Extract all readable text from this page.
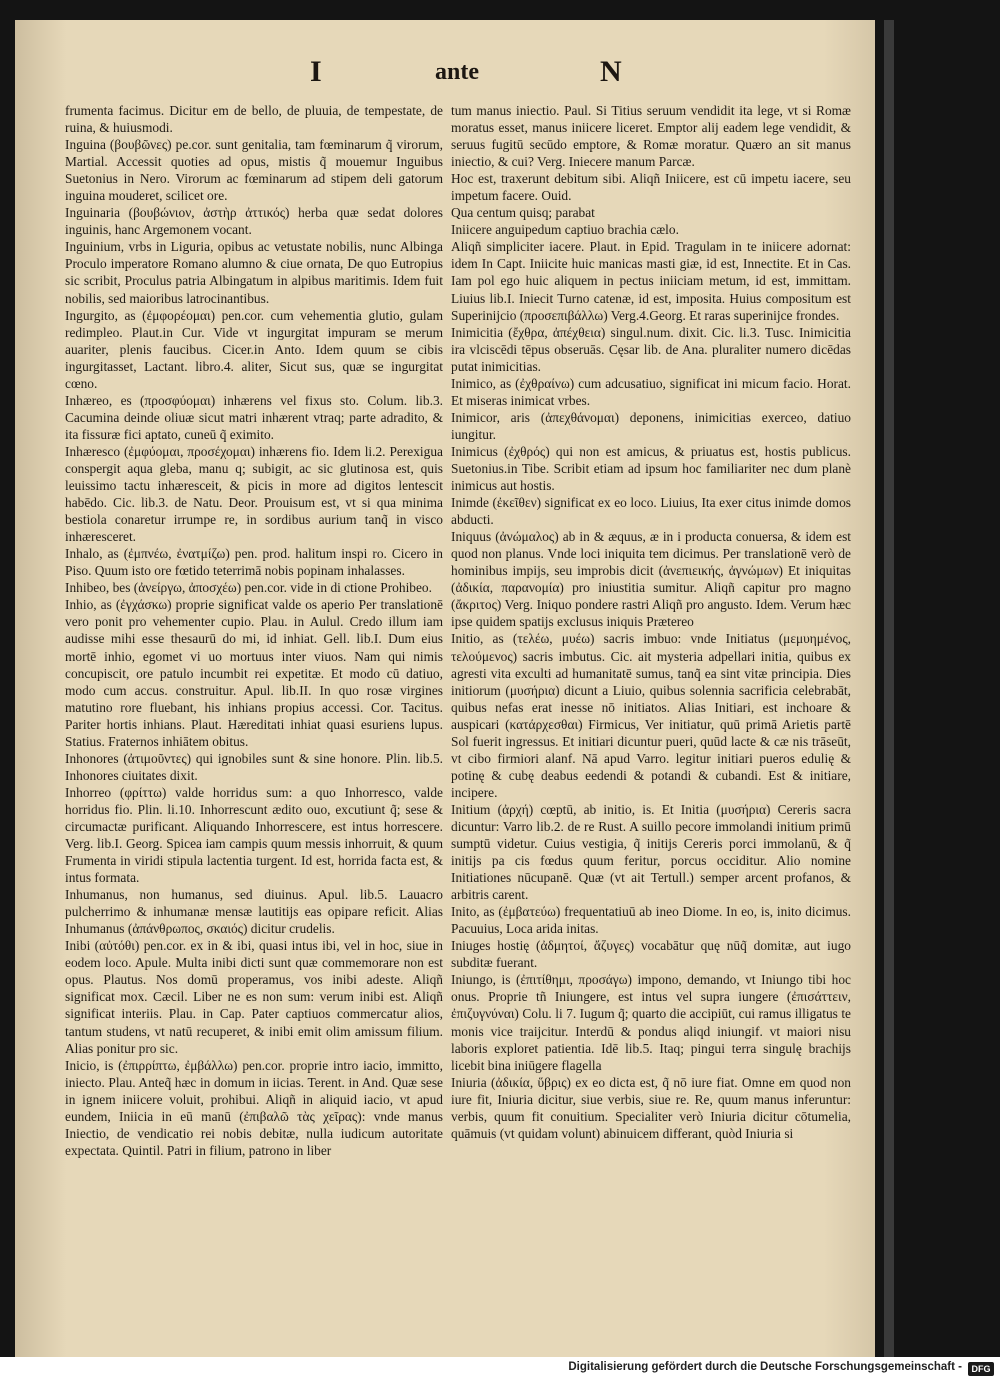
I	ante	N

frumenta facimus. Dicitur em de bello, de pluuia, de tempestate, de ruina, & huiusmodi.

Inguina (βουβῶνες) pe.cor. sunt genitalia, tam fœminarum q̃ virorum, Martial. Accessit quoties ad opus, mistis q̃ mouemur Inguibus Suetonius in Nero. Virorum ac fœminarum ad stipem deli gatorum inguina mouderet, scilicet ore.

Inguinaria (βουβώνιον, ἀστὴρ ἀττικός) herba quæ sedat dolores inguinis, hanc Argemonem vocant.

Inguinium, vrbs in Liguria, opibus ac vetustate nobilis, nunc Albinga Proculo imperatore Romano alumno & ciue ornata, De quo Eutropius sic scribit, Proculus patria Albingatum in alpibus maritimis. Idem fuit nobilis, sed maioribus latrocinantibus.

Ingurgito, as (ἐμφορέομαι) pen.cor. cum vehementia glutio, gulam redimpleo. Plaut.in Cur. Vide vt ingurgitat impuram se merum auariter, plenis faucibus. Cicer.in Anto. Idem quum se cibis ingurgitasset, Lactant. libro.4. aliter, Sicut sus, quæ se ingurgitat cœno.

Inhæreo, es (προσφύομαι) inhærens vel fixus sto. Colum. lib.3. Cacumina deinde oliuæ sicut matri inhærent vtraq; parte adradito, & ita fissuræ fici aptato, cuneū q̃ eximito.

Inhæresco (ἐμφύομαι, προσέχομαι) inhærens fio. Idem li.2. Perexigua conspergit aqua gleba, manu q; subigit, ac sic glutinosa est, quis leuissimo tactu inhæresceit, & picis in more ad digitos lentescit habēdo. Cic. lib.3. de Natu. Deor. Prouisum est, vt si qua minima bestiola conaretur irrumpe re, in sordibus aurium tanq̃ in visco inhæresceret.

Inhalo, as (ἐμπνέω, ἐνατμίζω) pen. prod. halitum inspi ro. Cicero in Piso. Quum isto ore fœtido teterrimā nobis popinam inhalasses.

Inhibeo, bes (ἀνείργω, ἀποσχέω) pen.cor. vide in di ctione Prohibeo.

Inhio, as (ἐγχάσκω) proprie significat valde os aperio Per translationē vero ponit pro vehementer cupio. Plau. in Aulul. Credo illum iam audisse mihi esse thesaurū do mi, id inhiat. Gell. lib.I. Dum eius mortē inhio, egomet vi uo mortuus inter viuos. Nam qui nimis concupiscit, ore patulo incumbit rei expetitæ. Et modo cū datiuo, modo cum accus. construitur. Apul. lib.II. In quo rosæ virgines matutino rore fluebant, his inhians propius accessi. Cor. Tacitus. Pariter hortis inhians. Plaut. Hæreditati inhiat quasi esuriens lupus. Statius. Fraternos inhiātem obitus.

Inhonores (ἀτιμοῦντες) qui ignobiles sunt & sine honore. Plin. lib.5. Inhonores ciuitates dixit.

Inhorreo (φρίττω) valde horridus sum: a quo Inhorresco, valde horridus fio. Plin. li.10. Inhorrescunt ædito ouo, excutiunt q̃; sese & circumactæ purificant. Aliquando Inhorrescere, est intus horrescere. Verg. lib.I. Georg. Spicea iam campis quum messis inhorruit, & quum Frumenta in viridi stipula lactentia turgent. Id est, horrida facta est, & intus formata.

Inhumanus, non humanus, sed diuinus. Apul. lib.5. Lauacro pulcherrimo & inhumanæ mensæ lautitijs eas opipare reficit. Alias Inhumanus (ἀπάνθρωπος, σκαιός) dicitur crudelis.

Inibi (αὐτόθι) pen.cor. ex in & ibi, quasi intus ibi, vel in hoc, siue in eodem loco. Apule. Multa inibi dicti sunt quæ commemorare non est opus. Plautus. Nos domū properamus, vos inibi adeste. Aliqñ significat mox. Cæcil. Liber ne es non sum: verum inibi est. Aliqñ significat interiis. Plau. in Cap. Pater captiuos commercatur alios, tantum studens, vt natū recuperet, & inibi emit olim amissum filium. Alias ponitur pro sic.

Inicio, is (ἐπιρρίπτω, ἐμβάλλω) pen.cor. proprie intro iacio, immitto, iniecto. Plau. Anteq̃ hæc in domum in iicias. Terent. in And. Quæ sese in ignem iniicere voluit, prohibui. Aliqñ in aliquid iacio, vt apud eundem, Iniicia in eū manū (ἐπιβαλῶ τὰς χεῖρας): vnde manus Iniectio, de vendicatio rei nobis debitæ, nulla iudicum autoritate expectata. Quintil. Patri in filium, patrono in liber

tum manus iniectio. Paul. Si Titius seruum vendidit ita lege, vt si Romæ moratus esset, manus iniicere liceret. Emptor alij eadem lege vendidit, & seruus fugitū secūdo emptore, & Romæ moratur. Quæro an sit manus iniectio, & cui? Verg. Iniecere manum Parcæ.

Hoc est, traxerunt debitum sibi. Aliqñ Iniicere, est cū impetu iacere, seu impetum facere. Ouid.

Qua centum quisq; parabat

Iniicere anguipedum captiuo brachia cælo.

Aliqñ simpliciter iacere. Plaut. in Epid. Tragulam in te iniicere adornat: idem In Capt. Iniicite huic manicas masti giæ, id est, Innectite. Et in Cas. Iam pol ego huic aliquem in pectus iniiciam metum, id est, immittam. Liuius lib.I. Iniecit Turno catenæ, id est, imposita. Huius compositum est Superinijcio (προσεπιβάλλω) Verg.4.Georg. Et raras superinijce frondes.

Inimicitia (ἔχθρα, ἀπέχθεια) singul.num. dixit. Cic. li.3. Tusc. Inimicitia ira vlciscēdi tēpus obseruās. Cęsar lib. de Ana. pluraliter numero dicēdas putat inimicitias.

Inimico, as (ἐχθραίνω) cum adcusatiuo, significat ini micum facio. Horat. Et miseras inimicat vrbes.

Inimicor, aris (ἀπεχθάνομαι) deponens, inimicitias exerceo, datiuo iungitur.

Inimicus (ἐχθρός) qui non est amicus, & priuatus est, hostis publicus. Suetonius.in Tibe. Scribit etiam ad ipsum hoc familiariter nec dum planè inimicus aut hostis.

Inimde (ἐκεῖθεν) significat ex eo loco. Liuius, Ita exer citus inimde domos abducti.

Iniquus (ἀνώμαλος) ab in & æquus, æ in i producta conuersa, & idem est quod non planus. Vnde loci iniquita tem dicimus. Per translationē verò de hominibus impijs, seu improbis dicit (ἀνεπιεικής, ἀγνώμων) Et iniquitas (ἀδικία, παρανομία) pro iniustitia sumitur. Aliqñ capitur pro magno (ἄκριτος) Verg. Iniquo pondere rastri Aliqñ pro angusto. Idem. Verum hæc ipse quidem spatijs exclusus iniquis Prætereo

Initio, as (τελέω, μυέω) sacris imbuo: vnde Initiatus (μεμυημένος, τελούμενος) sacris imbutus. Cic. ait mysteria adpellari initia, quibus ex agresti vita exculti ad humanitatē sumus, tanq̃ ea sint vitæ principia. Dies initiorum (μυσήρια) dicunt a Liuio, quibus solennia sacrificia celebrabāt, quibus nefas erat inesse nō initiatos. Alias Initiari, est inchoare & auspicari (κατάρχεσθαι) Firmicus, Ver initiatur, quū primā Arietis partē Sol fuerit ingressus. Et initiari dicuntur pueri, quūd lacte & cæ nis trāseūt, vt cibo firmiori alanf. Nā apud Varro. legitur initiari pueros edulię & potinę & cubę deabus eedendi & potandi & cubandi. Est & initiare, incipere.

Initium (ἀρχή) cœptū, ab initio, is. Et Initia (μυσήρια) Cereris sacra dicuntur: Varro lib.2. de re Rust. A suillo pecore immolandi initium primū sumptū videtur. Cuius vestigia, q̃ initijs Cereris porci immolanū, & q̃ initijs pa cis fœdus quum feritur, porcus occiditur. Alio nomine Initiationes nūcupanē. Quæ (vt ait Tertull.) semper arcent profanos, & arbitris carent.

Inito, as (ἐμβατεύω) frequentatiuū ab ineo Diome. In eo, is, inito dicimus. Pacuuius, Loca arida initas.

Iniuges hostię (ἀδμητοί, ἄζυγες) vocabātur quę nūq̃ domitæ, aut iugo subditæ fuerant.

Iniungo, is (ἐπιτίθημι, προσάγω) impono, demando, vt Iniungo tibi hoc onus. Proprie tñ Iniungere, est intus vel supra iungere (ἐπισάττειν, ἐπιζυγνύναι) Colu. li 7. Iugum q̃; quarto die accipiūt, cui ramus illigatus te monis vice traijcitur. Interdū & pondus aliqd iniungif. vt maiori nisu laboris exploret patientia. Idē lib.5. Itaq; pingui terra singulę brachijs licebit bina iniūgere flagella

Iniuria (ἀδικία, ὕβρις) ex eo dicta est, q̃ nō iure fiat. Omne em quod non iure fit, Iniuria dicitur, siue verbis, siue re. Re, quum manus inferuntur: verbis, quum fit conuitium. Specialiter verò Iniuria dicitur cōtumelia, quāmuis (vt quidam volunt) abinuicem differant, quòd Iniuria si

Digitalisierung gefördert durch die Deutsche Forschungsgemeinschaft -	DFG
